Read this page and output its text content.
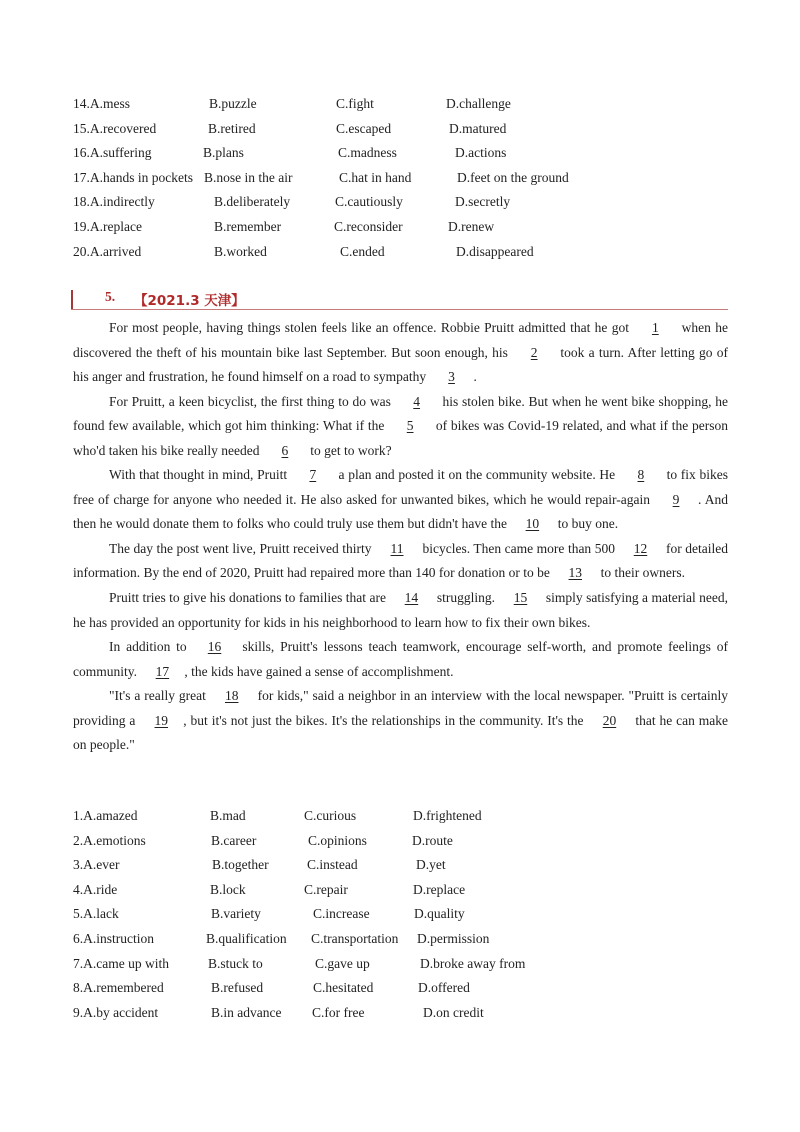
14.A.mess	B.puzzle	C.fight	D.challenge
15.A.recovered	B.retired	C.escaped	D.matured
16.A.suffering	B.plans	C.madness	D.actions
17.A.hands in pockets B.nose in the air	C.hat in hand	D.feet on the ground
18.A.indirectly	B.deliberately	C.cautiously	D.secretly
19.A.replace	B.remember	C.reconsider	D.renew
20.A.arrived	B.worked	C.ended	D.disappeared
5. 【2021.3 天津】

For most people, having things stolen feels like an offence. Robbie Pruitt admitted that he got 1 when he discovered the theft of his mountain bike last September. But soon enough, his 2 took a turn. After letting go of his anger and frustration, he found himself on a road to sympathy 3 .

For Pruitt, a keen bicyclist, the first thing to do was 4 his stolen bike. But when he went bike shopping, he found few available, which got him thinking: What if the 5 of bikes was Covid-19 related, and what if the person who'd taken his bike really needed 6 to get to work?

With that thought in mind, Pruitt 7 a plan and posted it on the community website. He 8 to fix bikes free of charge for anyone who needed it. He also asked for unwanted bikes, which he would repair-again 9 . And then he would donate them to folks who could truly use them but didn't have the 10 to buy one.

The day the post went live, Pruitt received thirty 11 bicycles. Then came more than 500 12 for detailed information. By the end of 2020, Pruitt had repaired more than 140 for donation or to be 13 to their owners.

Pruitt tries to give his donations to families that are 14 struggling. 15 simply satisfying a material need, he has provided an opportunity for kids in his neighborhood to learn how to fix their own bikes.

In addition to 16 skills, Pruitt's lessons teach teamwork, encourage self-worth, and promote feelings of community. 17 , the kids have gained a sense of accomplishment.

"It's a really great 18 for kids," said a neighbor in an interview with the local newspaper. "Pruitt is certainly providing a 19 , but it's not just the bikes. It's the relationships in the community. It's the 20 that he can make on people."

1.A.amazed	B.mad	C.curious	D.frightened
2.A.emotions	B.career	C.opinions	D.route
3.A.ever	B.together	C.instead	D.yet
4.A.ride	B.lock	C.repair	D.replace
5.A.lack	B.variety	C.increase	D.quality
6.A.instruction	B.qualification C.transportation D.permission
7.A.came up with	B.stuck to	C.gave up	D.broke away from
8.A.remembered	B.refused	C.hesitated	D.offered
9.A.by accident	B.in advance C.for free	D.on credit
